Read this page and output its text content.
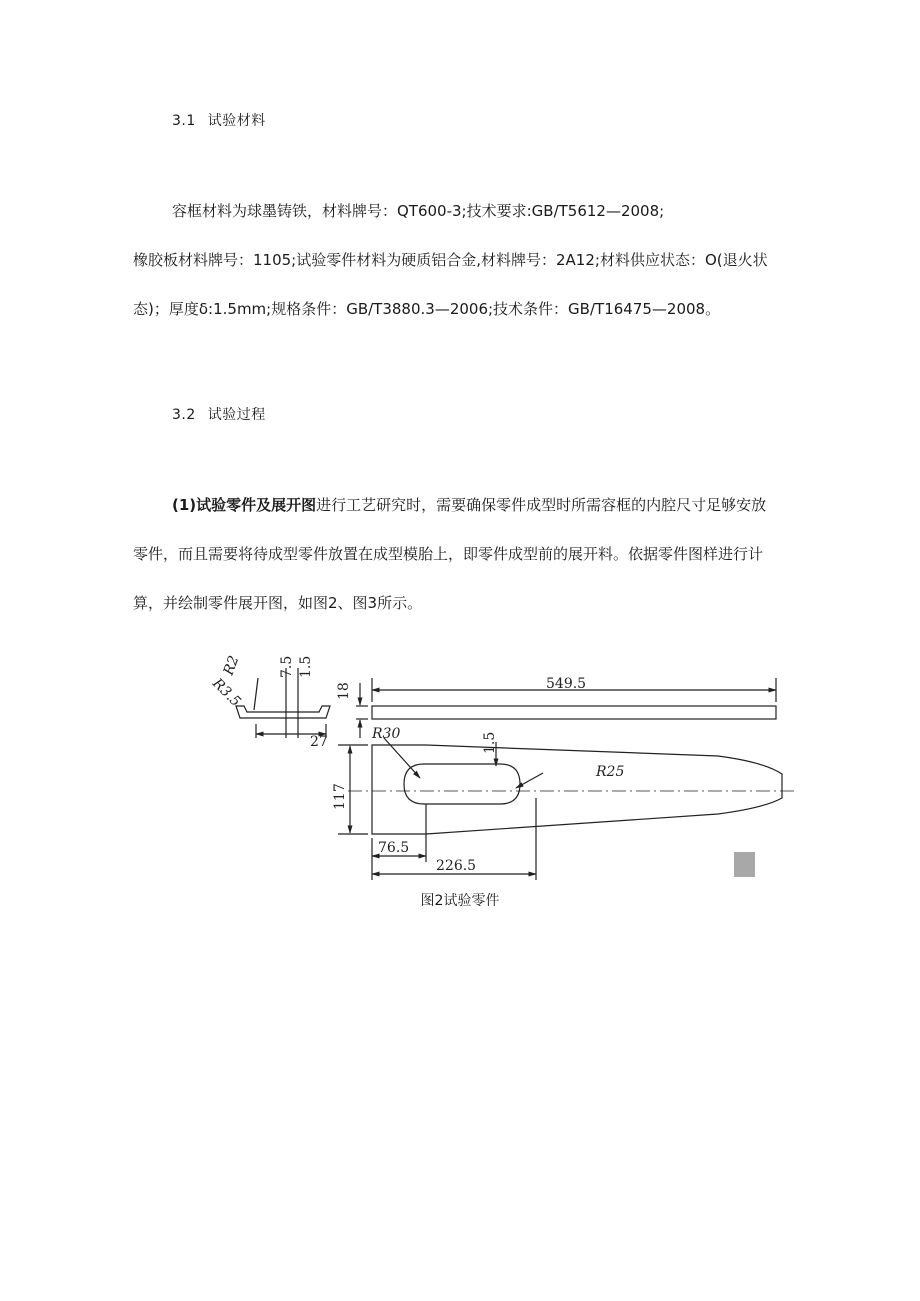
3.1 试验材料
容框材料为球墨铸铁，材料牌号：QT600-3;技术要求:GB/T5612—2008;
橡胶板材料牌号：1105;试验零件材料为硬质铝合金,材料牌号：2A12;材料供应状态：O(退火状
态)；厚度δ:1.5mm;规格条件：GB/T3880.3—2006;技术条件：GB/T16475—2008。
3.2 试验过程
(1)试验零件及展开图进行工艺研究时，需要确保零件成型时所需容框的内腔尺寸足够安放
零件，而且需要将待成型零件放置在成型模胎上，即零件成型前的展开料。依据零件图样进行计
算，并绘制零件展开图，如图2、图3所示。
R3.5
R2	7.5 1.5
18	549.5
27	R30	1.5
R25
117
76.5
226.5
图2试验零件
